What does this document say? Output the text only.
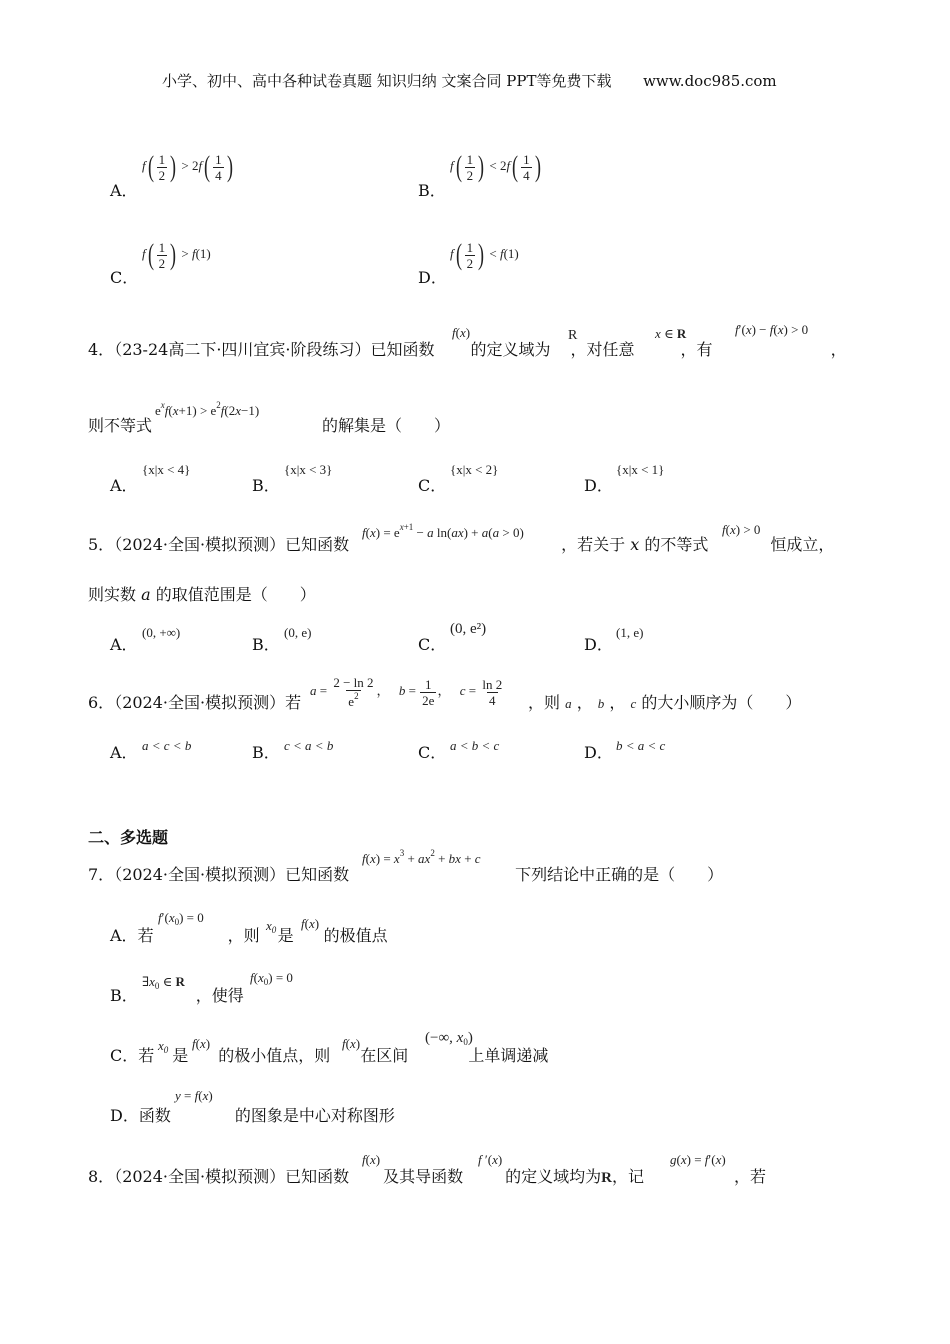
小学、初中、高中各种试卷真题 知识归纳 文案合同 PPT等免费下载 www.doc985.com
A．
$f( \frac{1}{2}$ ) > $2f( \frac{1}{4}$ )
B．
$f( \frac{1}{2}$ ) < $2f( \frac{1}{4}$ )
C．
$f( \frac{1}{2}$ ) > f(1)
D．
$f( \frac{1}{2}$ ) < f(1)
4．（23-24高二下·四川宜宾·阶段练习）已知函数 的定义域为 ，对任意	，有	，
f(x)	R	x ∈ R	f′(x) − f(x) > 0
则不等式	的解集是（　　）
$e^xf(x+1) > e^2f(2x-1)$
A．
{x|x < 4}
B．
{x|x < 3}
C．
{x|x < 2}
D．
{x|x < 1}
5．（2024·全国·模拟预测）已知函数	，若关于 x 的不等式	恒成立，
$f(x) = e^{x+1} - a$ ln(ax) + a(a > 0)	f(x) > 0
则实数 a 的取值范围是（　　）
A．
(0, +∞)
B．
(0, e)
C．
(0, e²)
D．
(1, e)
6．（2024·全国·模拟预测）若
$a = \frac{2 - \ln 2}{e^2}$ ， $b = \frac{1}{2e}$ ， $c = \frac{\ln 2}{4}$ ，则 a ， b ， c 的大小顺序为（　　）
A． a < c < b	B． c < a < b	C． a < b < c	D． b < a < c
二、多选题
7．（2024·全国·模拟预测）已知函数	下列结论中正确的是（　　）
$f(x) = x^3 + ax^2$ + bx + c
A．若	，则 是 的极值点
$f'(x_0) = 0$
$x_0$ f(x)
B．	，使得
$\exists x_0$ ∈ R	$f(x_0) = 0$
C．若 是 的极小值点，则 在区间	上单调递减
$x_0$ f(x)	f(x)	(−∞, $x_0$)
D．函数	的图象是中心对称图形
y = f(x)
8．（2024·全国·模拟预测）已知函数 及其导函数	的定义域均为R，记	，若
f(x)	f ′(x)	g(x) = f′(x)
